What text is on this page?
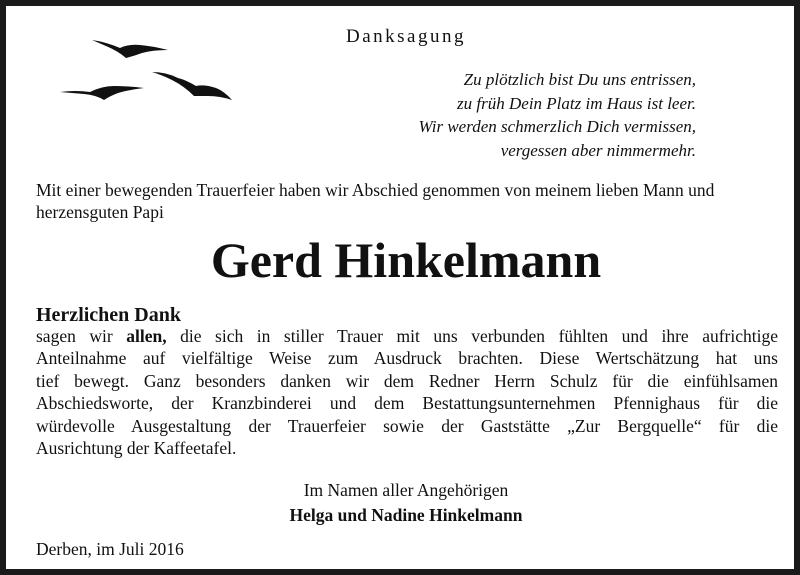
Danksagung
Zu plötzlich bist Du uns entrissen,
zu früh Dein Platz im Haus ist leer.
Wir werden schmerzlich Dich vermissen,
vergessen aber nimmermehr.
Mit einer bewegenden Trauerfeier haben wir Abschied genommen von meinem lieben Mann und herzensguten Papi
Gerd Hinkelmann
Herzlichen Dank
sagen wir allen, die sich in stiller Trauer mit uns verbunden fühlten und ihre aufrichtige
Anteilnahme auf vielfältige Weise zum Ausdruck brachten. Diese Wertschätzung hat uns
tief bewegt. Ganz besonders danken wir dem Redner Herrn Schulz für die einfühlsamen
Abschiedsworte, der Kranzbinderei und dem Bestattungsunternehmen Pfennighaus für die
würdevolle Ausgestaltung der Trauerfeier sowie der Gaststätte „Zur Bergquelle“ für die
Ausrichtung der Kaffeetafel.
Im Namen aller Angehörigen
Helga und Nadine Hinkelmann
Derben, im Juli 2016
